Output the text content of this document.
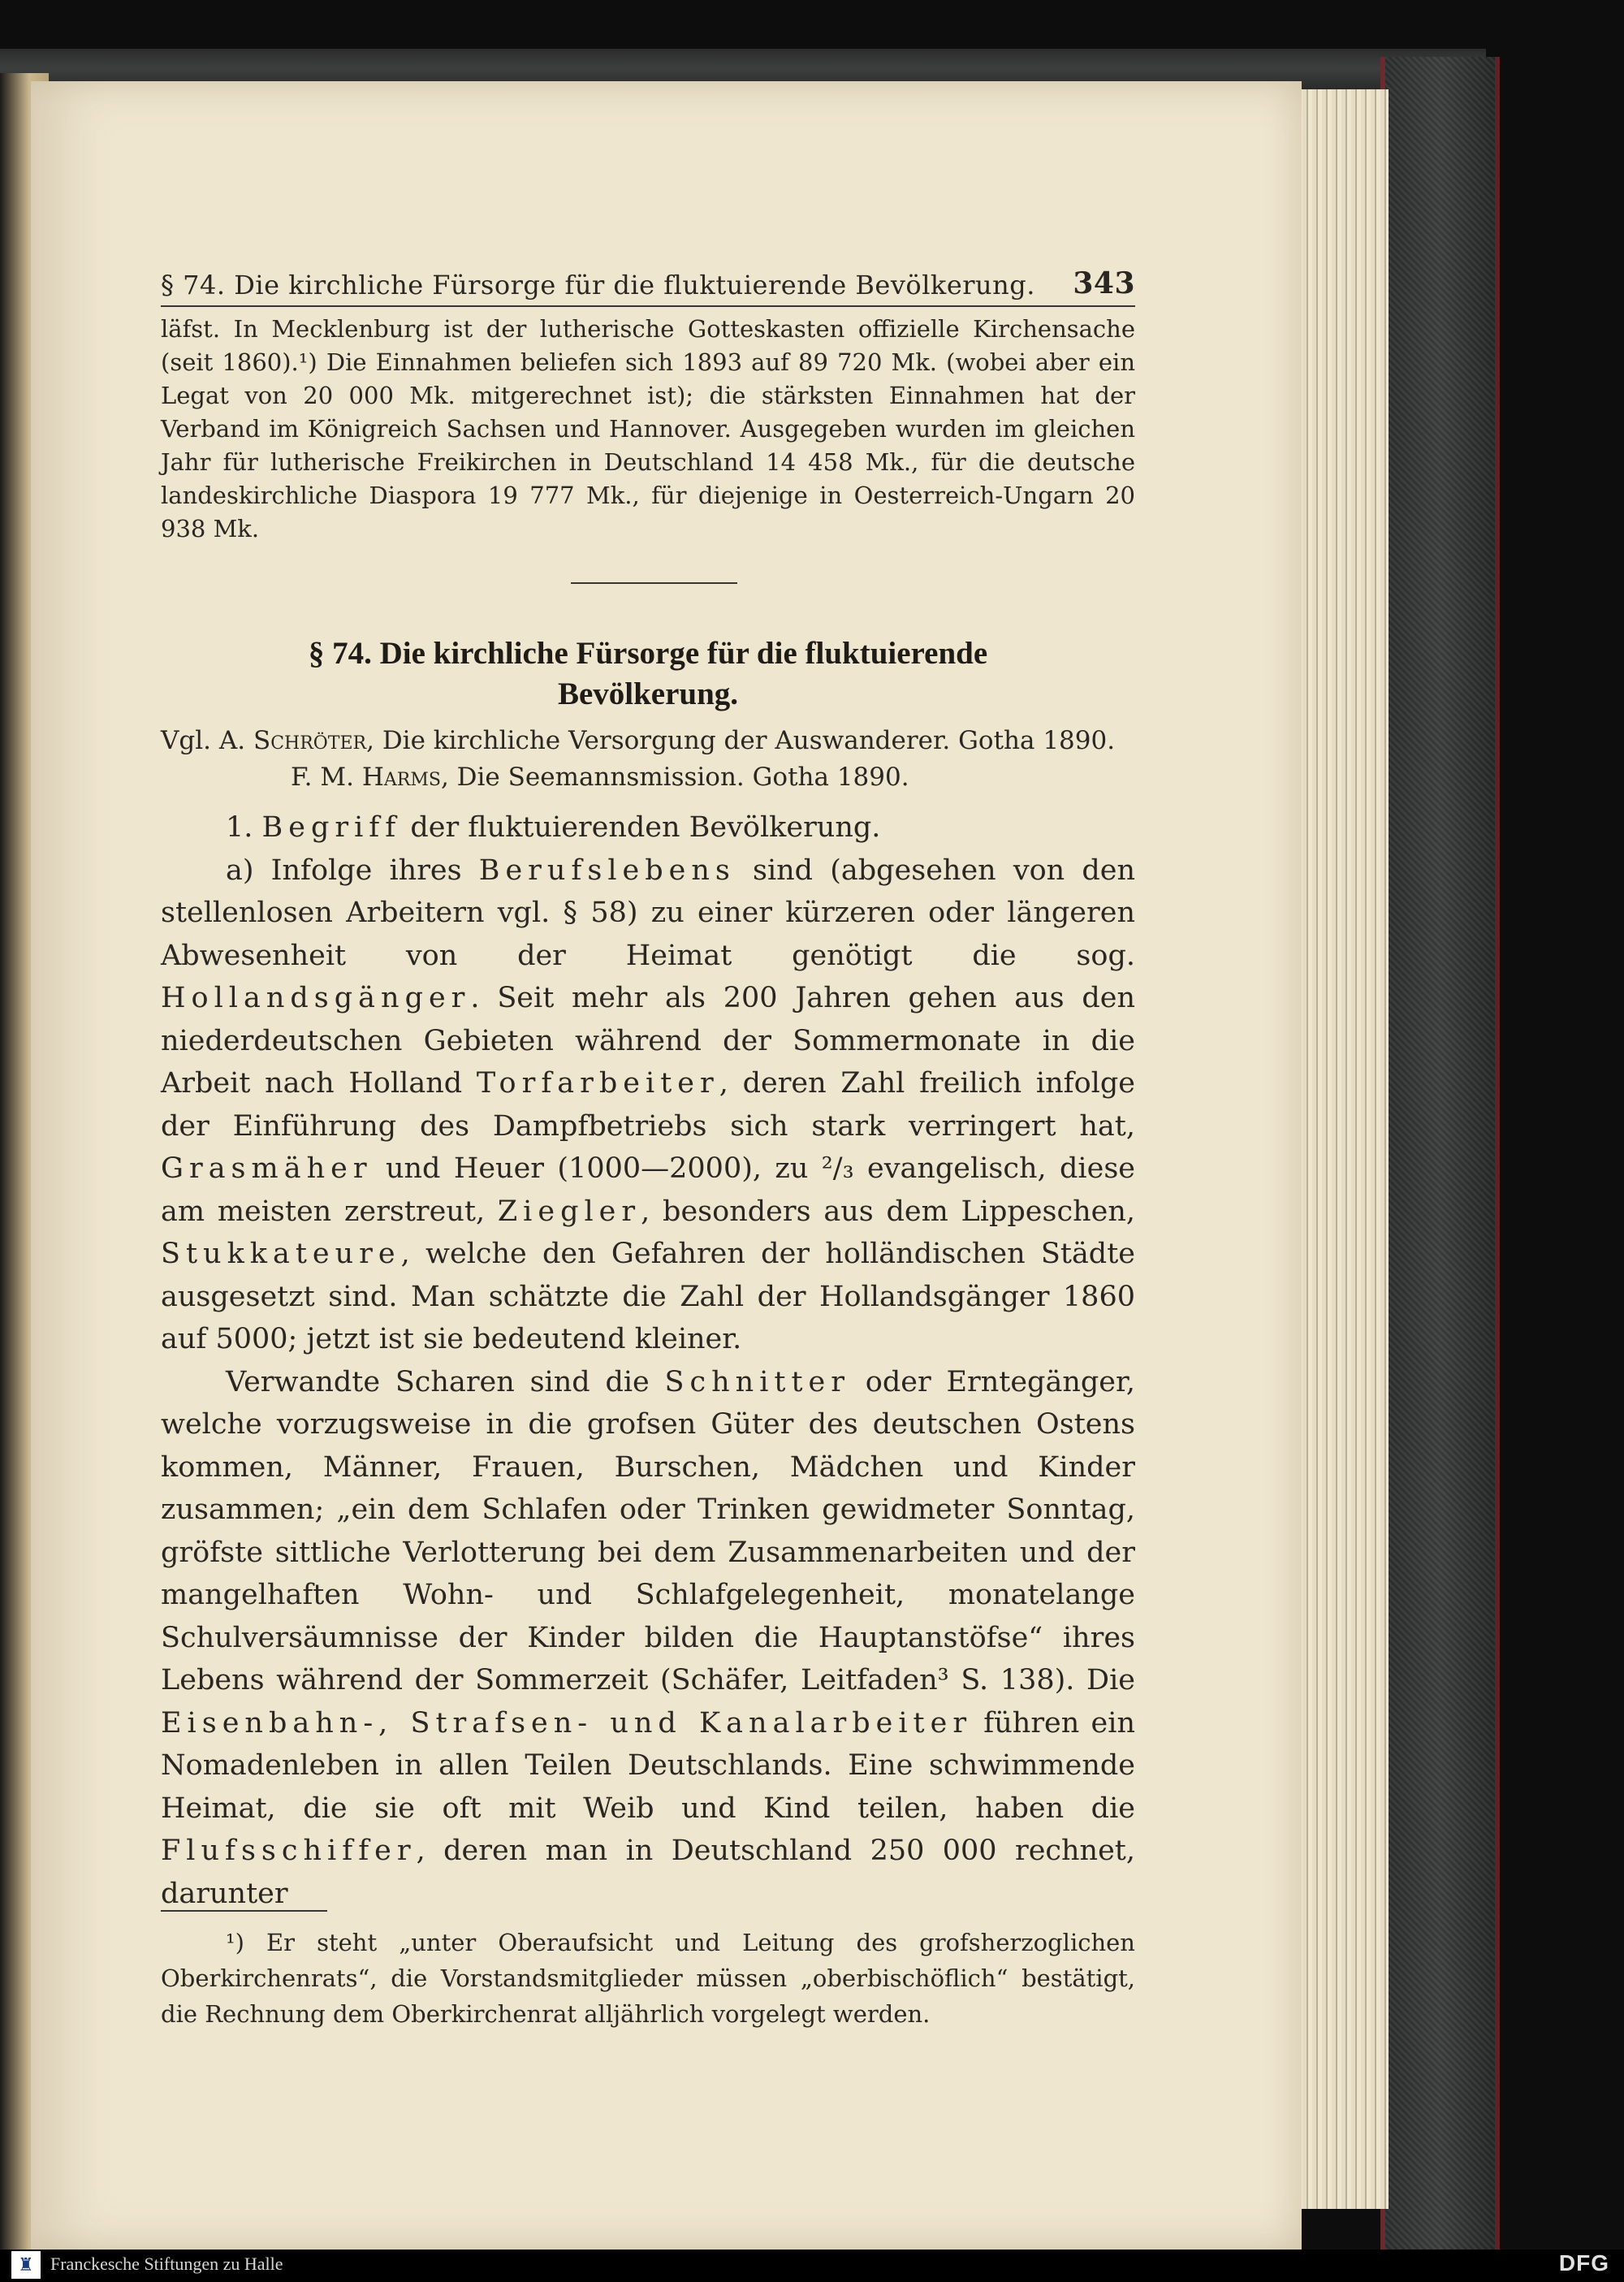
§ 74. Die kirchliche Fürsorge für die fluktuierende Bevölkerung. 343
läfst. In Mecklenburg ist der lutherische Gotteskasten offizielle Kirchensache (seit 1860).¹) Die Einnahmen beliefen sich 1893 auf 89 720 Mk. (wobei aber ein Legat von 20 000 Mk. mitgerechnet ist); die stärksten Einnahmen hat der Verband im Königreich Sachsen und Hannover. Ausgegeben wurden im gleichen Jahr für lutherische Freikirchen in Deutschland 14 458 Mk., für die deutsche landeskirchliche Diaspora 19 777 Mk., für diejenige in Oesterreich-Ungarn 20 938 Mk.
§ 74. Die kirchliche Fürsorge für die fluktuierende
Bevölkerung.
Vgl. A. Schröter, Die kirchliche Versorgung der Auswanderer. Gotha 1890.
F. M. Harms, Die Seemannsmission. Gotha 1890.

1. Begriff der fluktuierenden Bevölkerung.

a) Infolge ihres Berufslebens sind (abgesehen von den stellenlosen Arbeitern vgl. § 58) zu einer kürzeren oder längeren Abwesenheit von der Heimat genötigt die sog. Hollandsgänger. Seit mehr als 200 Jahren gehen aus den niederdeutschen Gebieten während der Sommermonate in die Arbeit nach Holland Torfarbeiter, deren Zahl freilich infolge der Einführung des Dampfbetriebs sich stark verringert hat, Grasmäher und Heuer (1000—2000), zu ²/₃ evangelisch, diese am meisten zerstreut, Ziegler, besonders aus dem Lippeschen, Stukkateure, welche den Gefahren der holländischen Städte ausgesetzt sind. Man schätzte die Zahl der Hollandsgänger 1860 auf 5000; jetzt ist sie bedeutend kleiner.

Verwandte Scharen sind die Schnitter oder Erntegänger, welche vorzugsweise in die grofsen Güter des deutschen Ostens kommen, Männer, Frauen, Burschen, Mädchen und Kinder zusammen; „ein dem Schlafen oder Trinken gewidmeter Sonntag, gröfste sittliche Verlotterung bei dem Zusammenarbeiten und der mangelhaften Wohn- und Schlafgelegenheit, monatelange Schulversäumnisse der Kinder bilden die Hauptanstöfse“ ihres Lebens während der Sommerzeit (Schäfer, Leitfaden³ S. 138). Die Eisenbahn-, Strafsen- und Kanalarbeiter führen ein Nomadenleben in allen Teilen Deutschlands. Eine schwimmende Heimat, die sie oft mit Weib und Kind teilen, haben die Flufsschiffer, deren man in Deutschland 250 000 rechnet, darunter

¹) Er steht „unter Oberaufsicht und Leitung des grofsherzoglichen Oberkirchenrats“, die Vorstandsmitglieder müssen „oberbischöflich“ bestätigt, die Rechnung dem Oberkirchenrat alljährlich vorgelegt werden.

♜ Franckesche Stiftungen zu Halle	DFG
